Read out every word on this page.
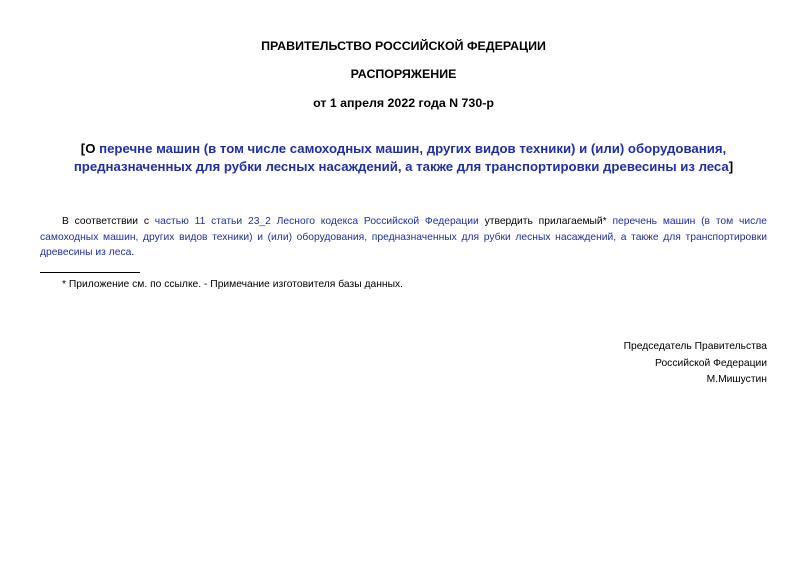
ПРАВИТЕЛЬСТВО РОССИЙСКОЙ ФЕДЕРАЦИИ
РАСПОРЯЖЕНИЕ
от 1 апреля 2022 года N 730-р
[О перечне машин (в том числе самоходных машин, других видов техники) и (или) оборудования,
предназначенных для рубки лесных насаждений, а также для транспортировки древесины из леса]
В соответствии с частью 11 статьи 23_2 Лесного кодекса Российской Федерации утвердить прилагаемый* перечень машин (в том числе
самоходных машин, других видов техники) и (или) оборудования, предназначенных для рубки лесных насаждений, а также для транспортировки
древесины из леса.
* Приложение см. по ссылке. - Примечание изготовителя базы данных.
Председатель Правительства
Российской Федерации
М.Мишустин
